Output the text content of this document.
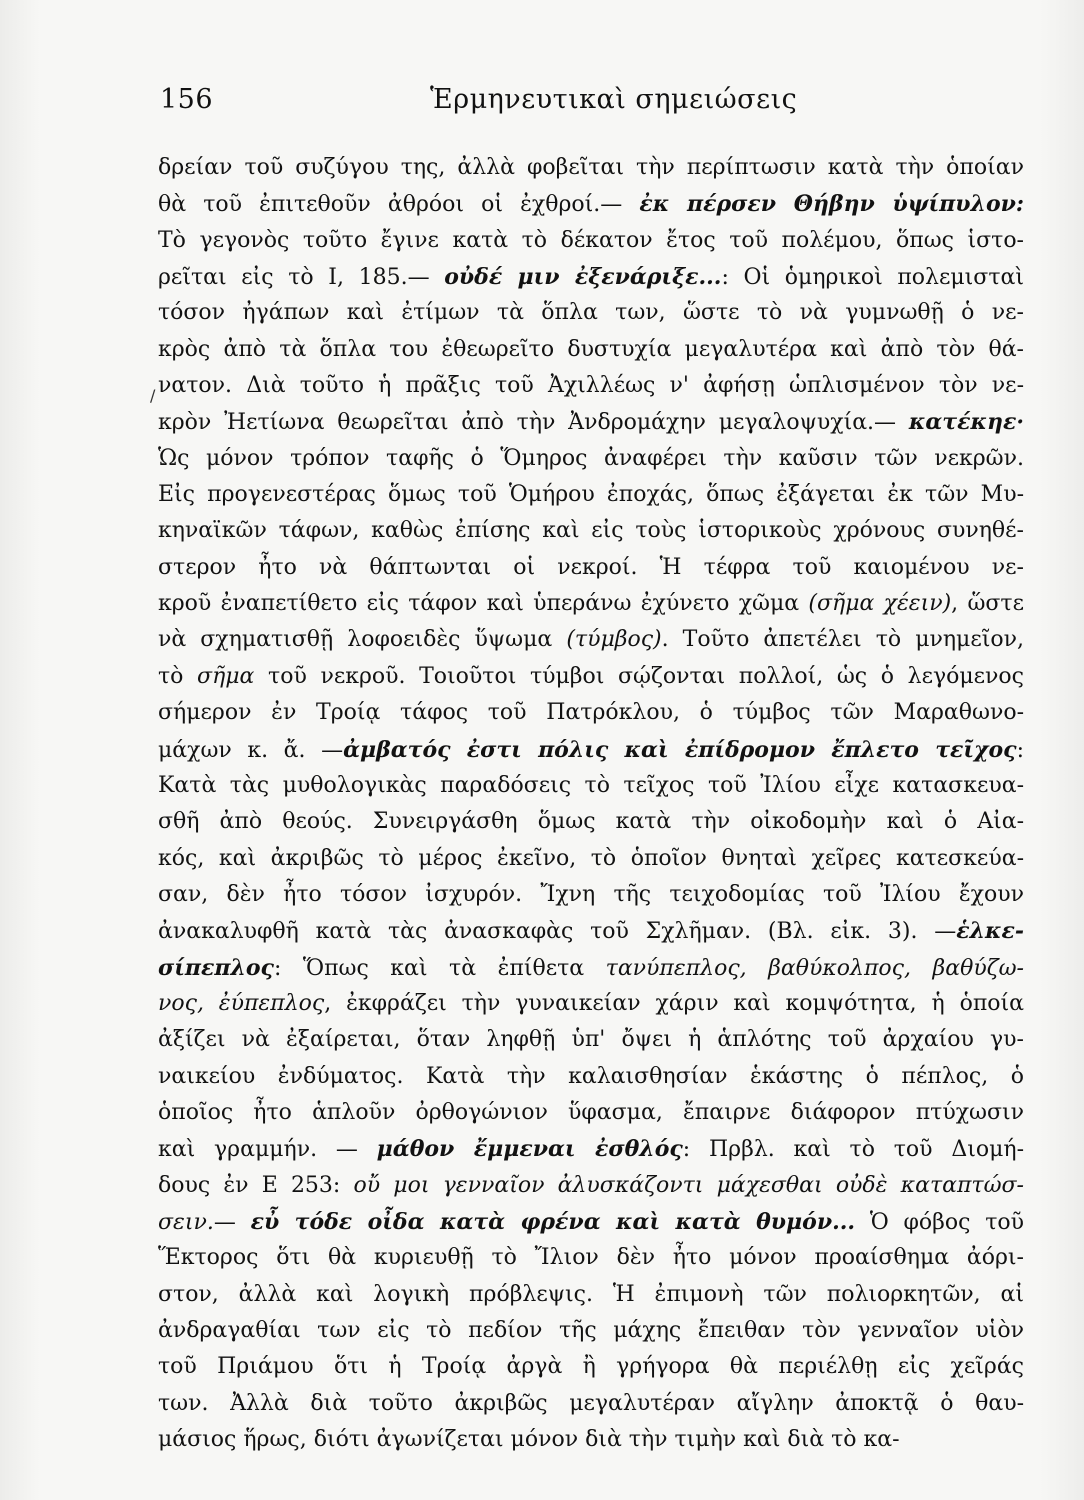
156	Ἑρμηνευτικαὶ σημειώσεις
/
δρείαν τοῦ συζύγου της, ἀλλὰ φοβεῖται τὴν περίπτωσιν κατὰ τὴν ὁποίαν
θὰ τοῦ ἐπιτεθοῦν ἀθρόοι οἱ ἐχθροί.— ἐκ πέρσεν Θήβην ὑψίπυλον:
Τὸ γεγονὸς τοῦτο ἔγινε κατὰ τὸ δέκατον ἔτος τοῦ πολέμου, ὅπως ἱστο-
ρεῖται εἰς τὸ Ι, 185.— οὐδέ μιν ἐξενάριξε...: Οἱ ὁμηρικοὶ πολεμισταὶ
τόσον ἠγάπων καὶ ἐτίμων τὰ ὅπλα των, ὥστε τὸ νὰ γυμνωθῇ ὁ νε-
κρὸς ἀπὸ τὰ ὅπλα του ἐθεωρεῖτο δυστυχία μεγαλυτέρα καὶ ἀπὸ τὸν θά-
νατον. Διὰ τοῦτο ἡ πρᾶξις τοῦ Ἀχιλλέως ν' ἀφήσῃ ὡπλισμένον τὸν νε-
κρὸν Ἠετίωνα θεωρεῖται ἀπὸ τὴν Ἀνδρομάχην μεγαλοψυχία.— κατέκηε·
Ὡς μόνον τρόπον ταφῆς ὁ Ὅμηρος ἀναφέρει τὴν καῦσιν τῶν νεκρῶν.
Εἰς προγενεστέρας ὅμως τοῦ Ὁμήρου ἐποχάς, ὅπως ἐξάγεται ἐκ τῶν Μυ-
κηναϊκῶν τάφων, καθὼς ἐπίσης καὶ εἰς τοὺς ἱστορικοὺς χρόνους συνηθέ-
στερον ἦτο νὰ θάπτωνται οἱ νεκροί. Ἡ τέφρα τοῦ καιομένου νε-
κροῦ ἐναπετίθετο εἰς τάφον καὶ ὑπεράνω ἐχύνετο χῶμα (σῆμα χέειν), ὥστε
νὰ σχηματισθῇ λοφοειδὲς ὕψωμα (τύμβος). Τοῦτο ἀπετέλει τὸ μνημεῖον,
τὸ σῆμα τοῦ νεκροῦ. Τοιοῦτοι τύμβοι σῴζονται πολλοί, ὡς ὁ λεγόμενος
σήμερον ἐν Τροίᾳ τάφος τοῦ Πατρόκλου, ὁ τύμβος τῶν Μαραθωνο-
μάχων κ. ἄ. —ἀμβατός ἐστι πόλις καὶ ἐπίδρομον ἔπλετο τεῖχος:
Κατὰ τὰς μυθολογικὰς παραδόσεις τὸ τεῖχος τοῦ Ἰλίου εἶχε κατασκευα-
σθῆ ἀπὸ θεούς. Συνειργάσθη ὅμως κατὰ τὴν οἰκοδομὴν καὶ ὁ Αἰα-
κός, καὶ ἀκριβῶς τὸ μέρος ἐκεῖνο, τὸ ὁποῖον θνηταὶ χεῖρες κατεσκεύα-
σαν, δὲν ἦτο τόσον ἰσχυρόν. Ἴχνη τῆς τειχοδομίας τοῦ Ἰλίου ἔχουν
ἀνακαλυφθῆ κατὰ τὰς ἀνασκαφὰς τοῦ Σχλῆμαν. (Βλ. εἰκ. 3). —ἑλκε-
σίπεπλος: Ὅπως καὶ τὰ ἐπίθετα τανύπεπλος, βαθύκολπος, βαθύζω-
νος, ἐύπεπλος, ἐκφράζει τὴν γυναικείαν χάριν καὶ κομψότητα, ἡ ὁποία
ἀξίζει νὰ ἐξαίρεται, ὅταν ληφθῇ ὑπ' ὄψει ἡ ἁπλότης τοῦ ἀρχαίου γυ-
ναικείου ἐνδύματος. Κατὰ τὴν καλαισθησίαν ἑκάστης ὁ πέπλος, ὁ
ὁποῖος ἦτο ἁπλοῦν ὀρθογώνιον ὕφασμα, ἔπαιρνε διάφορον πτύχωσιν
καὶ γραμμήν. — μάθον ἔμμεναι ἐσθλός: Πρβλ. καὶ τὸ τοῦ Διομή-
δους ἐν Ε 253: οὔ μοι γενναῖον ἀλυσκάζοντι μάχεσθαι οὐδὲ καταπτώσ-
σειν.— εὖ τόδε οἶδα κατὰ φρένα καὶ κατὰ θυμόν... Ὁ φόβος τοῦ
Ἕκτορος ὅτι θὰ κυριευθῇ τὸ Ἴλιον δὲν ἦτο μόνον προαίσθημα ἀόρι-
στον, ἀλλὰ καὶ λογικὴ πρόβλεψις. Ἡ ἐπιμονὴ τῶν πολιορκητῶν, αἱ
ἀνδραγαθίαι των εἰς τὸ πεδίον τῆς μάχης ἔπειθαν τὸν γενναῖον υἱὸν
τοῦ Πριάμου ὅτι ἡ Τροίᾳ ἀργὰ ἢ γρήγορα θὰ περιέλθῃ εἰς χεῖράς
των. Ἀλλὰ διὰ τοῦτο ἀκριβῶς μεγαλυτέραν αἴγλην ἀποκτᾷ ὁ θαυ-
μάσιος ἥρως, διότι ἀγωνίζεται μόνον διὰ τὴν τιμὴν καὶ διὰ τὸ κα-
